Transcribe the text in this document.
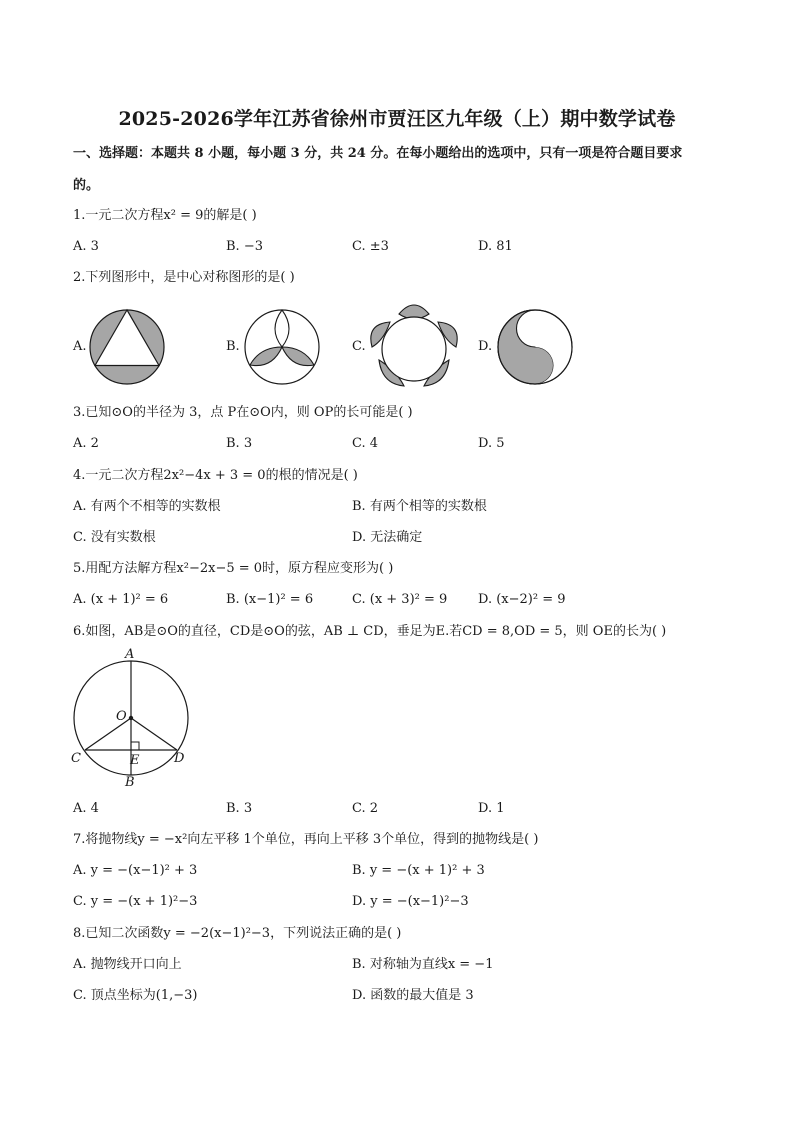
2025-2026学年江苏省徐州市贾汪区九年级（上）期中数学试卷
一、选择题：本题共 8 小题，每小题 3 分，共 24 分。在每小题给出的选项中，只有一项是符合题目要求
的。
1.一元二次方程x² = 9的解是( )
A. 3	B. −3	C. ±3	D. 81
2.下列图形中，是中心对称图形的是( )
A.	B.	C.	D.
3.已知⊙O的半径为 3，点 P在⊙O内，则 OP的长可能是( )
A. 2	B. 3	C. 4	D. 5
4.一元二次方程2x²−4x + 3 = 0的根的情况是( )
A. 有两个不相等的实数根	B. 有两个相等的实数根
C. 没有实数根	D. 无法确定
5.用配方法解方程x²−2x−5 = 0时，原方程应变形为( )
A. (x + 1)² = 6	B. (x−1)² = 6	C. (x + 3)² = 9 D. (x−2)² = 9
6.如图，AB是⊙O的直径，CD是⊙O的弦，AB ⊥ CD，垂足为E.若CD = 8,OD = 5，则 OE的长为( )
A
O
C	E	D
B
A. 4	B. 3	C. 2	D. 1
7.将抛物线y = −x²向左平移 1个单位，再向上平移 3个单位，得到的抛物线是( )
A. y = −(x−1)² + 3	B. y = −(x + 1)² + 3
C. y = −(x + 1)²−3	D. y = −(x−1)²−3
8.已知二次函数y = −2(x−1)²−3，下列说法正确的是( )
A. 抛物线开口向上	B. 对称轴为直线x = −1
C. 顶点坐标为(1,−3)	D. 函数的最大值是 3
